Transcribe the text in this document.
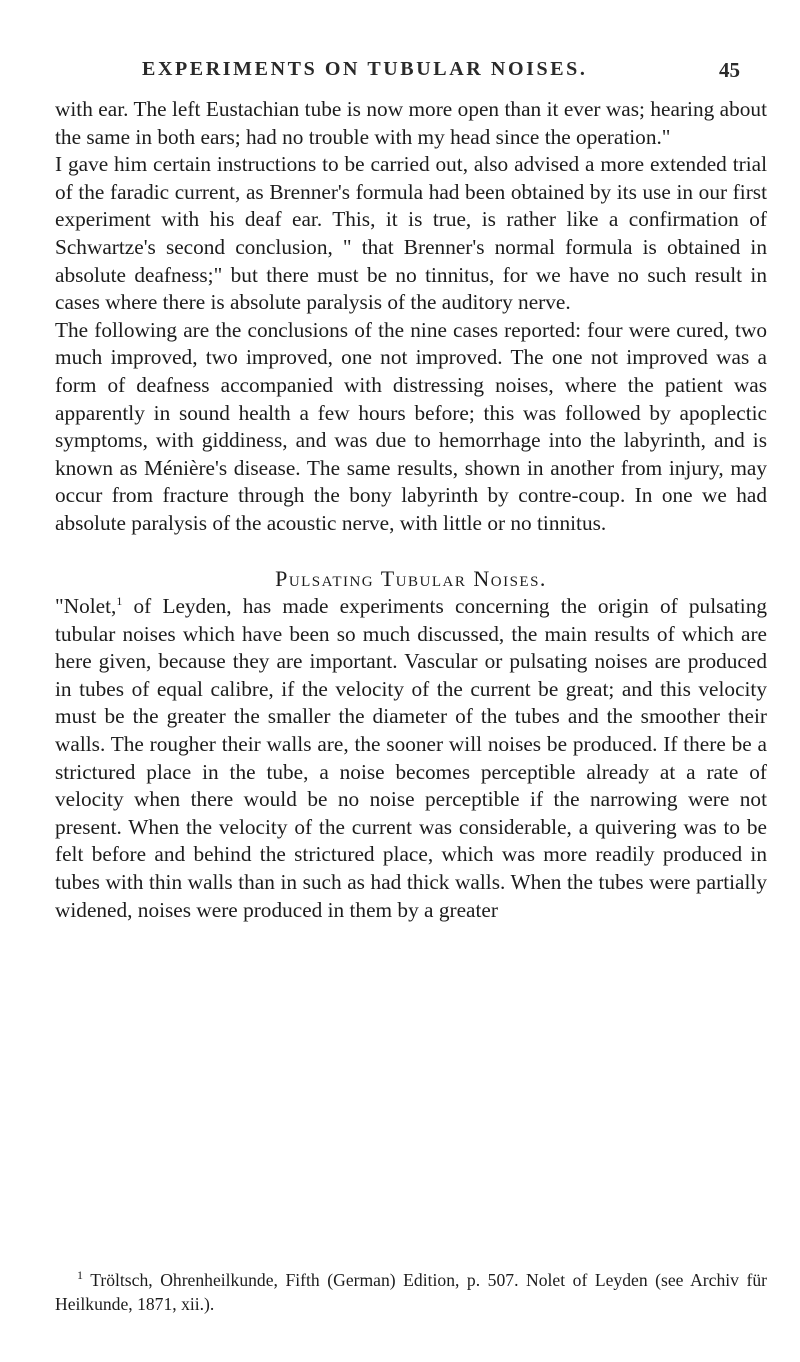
EXPERIMENTS ON TUBULAR NOISES.	45

with ear. The left Eustachian tube is now more open than it ever was; hearing about the same in both ears; had no trouble with my head since the operation."

I gave him certain instructions to be carried out, also advised a more extended trial of the faradic current, as Brenner's formula had been obtained by its use in our first experiment with his deaf ear. This, it is true, is rather like a confirmation of Schwartze's second conclusion, " that Brenner's normal formula is obtained in absolute deafness;" but there must be no tinnitus, for we have no such result in cases where there is absolute paralysis of the auditory nerve.

The following are the conclusions of the nine cases reported: four were cured, two much improved, two improved, one not improved. The one not improved was a form of deafness accompanied with distressing noises, where the patient was apparently in sound health a few hours before; this was followed by apoplectic symptoms, with giddiness, and was due to hemorrhage into the labyrinth, and is known as Ménière's disease. The same results, shown in another from injury, may occur from fracture through the bony labyrinth by contre-coup. In one we had absolute paralysis of the acoustic nerve, with little or no tinnitus.

Pulsating Tubular Noises.

"Nolet,$^1$ of Leyden, has made experiments concerning the origin of pulsating tubular noises which have been so much discussed, the main results of which are here given, because they are important. Vascular or pulsating noises are produced in tubes of equal calibre, if the velocity of the current be great; and this velocity must be the greater the smaller the diameter of the tubes and the smoother their walls. The rougher their walls are, the sooner will noises be produced. If there be a strictured place in the tube, a noise becomes perceptible already at a rate of velocity when there would be no noise perceptible if the narrowing were not present. When the velocity of the current was considerable, a quivering was to be felt before and behind the strictured place, which was more readily produced in tubes with thin walls than in such as had thick walls. When the tubes were partially widened, noises were produced in them by a greater

$^1$ Tröltsch, Ohrenheilkunde, Fifth (German) Edition, p. 507. Nolet of Leyden (see Archiv für Heilkunde, 1871, xii.).
